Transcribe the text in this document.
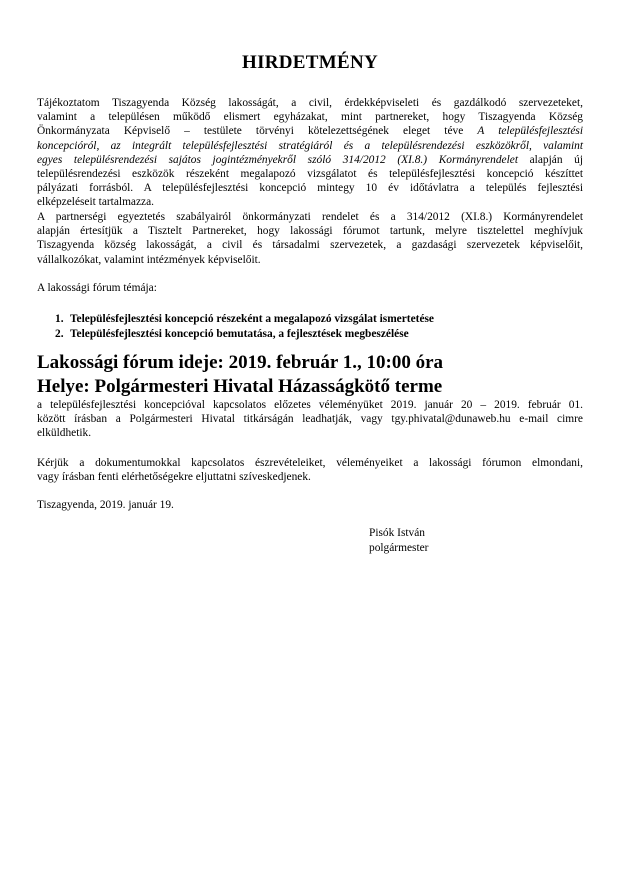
HIRDETMÉNY
Tájékoztatom Tiszagyenda Község lakosságát, a civil, érdekképviseleti és gazdálkodó szervezeteket,
valamint a településen működő elismert egyházakat, mint partnereket, hogy Tiszagyenda Község
Önkormányzata Képviselő – testülete törvényi kötelezettségének eleget téve A településfejlesztési
koncepcióról, az integrált településfejlesztési stratégiáról és a településrendezési eszközökről, valamint
egyes településrendezési sajátos jogintézményekről szóló 314/2012 (XI.8.) Kormányrendelet alapján új
településrendezési eszközök részeként megalapozó vizsgálatot és településfejlesztési koncepció készíttet
pályázati forrásból. A településfejlesztési koncepció mintegy 10 év időtávlatra a település fejlesztési
elképzeléseit tartalmazza.
A partnerségi egyeztetés szabályairól önkormányzati rendelet és a 314/2012 (XI.8.) Kormányrendelet
alapján értesítjük a Tisztelt Partnereket, hogy lakossági fórumot tartunk, melyre tisztelettel meghívjuk
Tiszagyenda község lakosságát, a civil és társadalmi szervezetek, a gazdasági szervezetek képviselőit,
vállalkozókat, valamint intézmények képviselőit.
A lakossági fórum témája:
1. Településfejlesztési koncepció részeként a megalapozó vizsgálat ismertetése
2. Településfejlesztési koncepció bemutatása, a fejlesztések megbeszélése
Lakossági fórum ideje: 2019. február 1., 10:00 óra
Helye: Polgármesteri Hivatal Házasságkötő terme
a településfejlesztési koncepcióval kapcsolatos előzetes véleményüket 2019. január 20 – 2019. február 01.
között írásban a Polgármesteri Hivatal titkárságán leadhatják, vagy tgy.phivatal@dunaweb.hu e-mail cimre
elküldhetik.
Kérjük a dokumentumokkal kapcsolatos észrevételeiket, véleményeiket a lakossági fórumon elmondani,
vagy írásban fenti elérhetőségekre eljuttatni szíveskedjenek.
Tiszagyenda, 2019. január 19.
Pisók István
polgármester
